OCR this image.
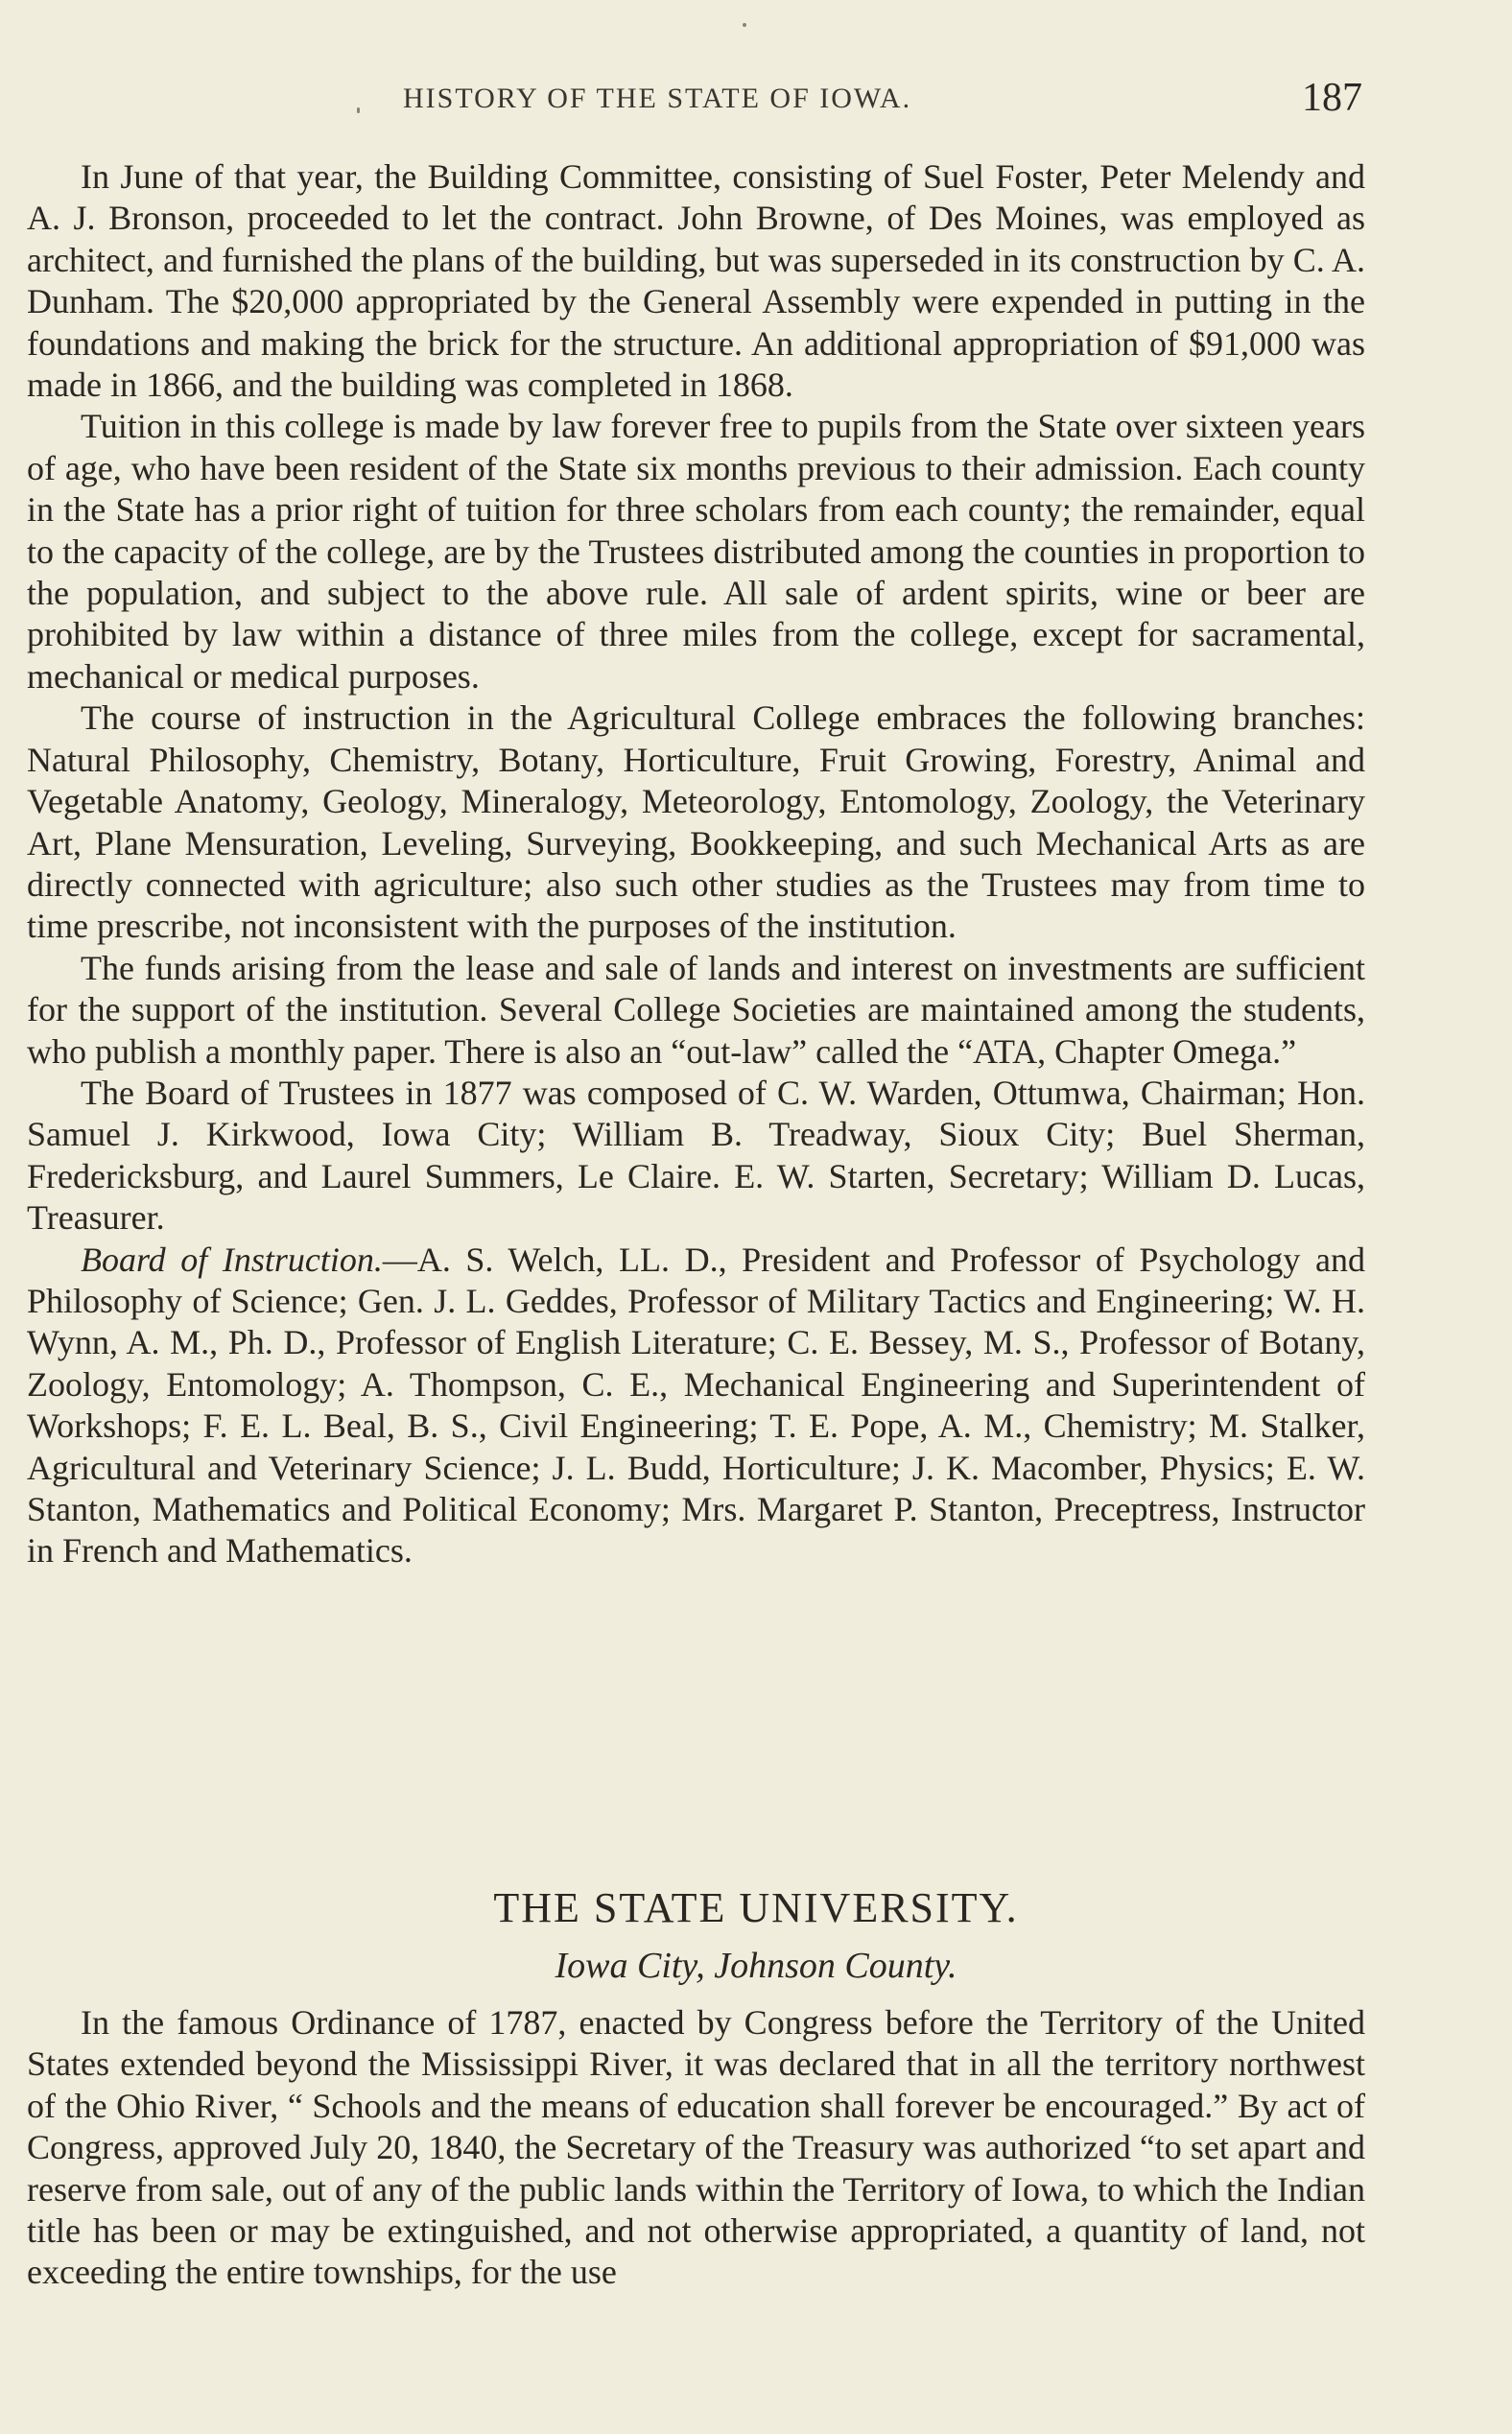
HISTORY OF THE STATE OF IOWA.	187

In June of that year, the Building Committee, consisting of Suel Foster, Peter Melendy and A. J. Bronson, proceeded to let the contract. John Browne, of Des Moines, was employed as architect, and furnished the plans of the building, but was superseded in its construction by C. A. Dunham. The $20,000 appropriated by the General Assembly were expended in putting in the foundations and making the brick for the structure. An additional appropriation of $91,000 was made in 1866, and the building was completed in 1868.

Tuition in this college is made by law forever free to pupils from the State over sixteen years of age, who have been resident of the State six months previous to their admission. Each county in the State has a prior right of tuition for three scholars from each county; the remainder, equal to the capacity of the college, are by the Trustees distributed among the counties in proportion to the population, and subject to the above rule. All sale of ardent spirits, wine or beer are prohibited by law within a distance of three miles from the college, except for sacramental, mechanical or medical purposes.

The course of instruction in the Agricultural College embraces the following branches: Natural Philosophy, Chemistry, Botany, Horticulture, Fruit Growing, Forestry, Animal and Vegetable Anatomy, Geology, Mineralogy, Meteorology, Entomology, Zoology, the Veterinary Art, Plane Mensuration, Leveling, Surveying, Bookkeeping, and such Mechanical Arts as are directly connected with agriculture; also such other studies as the Trustees may from time to time prescribe, not inconsistent with the purposes of the institution.

The funds arising from the lease and sale of lands and interest on investments are sufficient for the support of the institution. Several College Societies are maintained among the students, who publish a monthly paper. There is also an “out-law” called the “ATA, Chapter Omega.”

The Board of Trustees in 1877 was composed of C. W. Warden, Ottumwa, Chairman; Hon. Samuel J. Kirkwood, Iowa City; William B. Treadway, Sioux City; Buel Sherman, Fredericksburg, and Laurel Summers, Le Claire. E. W. Starten, Secretary; William D. Lucas, Treasurer.

Board of Instruction.—A. S. Welch, LL. D., President and Professor of Psychology and Philosophy of Science; Gen. J. L. Geddes, Professor of Military Tactics and Engineering; W. H. Wynn, A. M., Ph. D., Professor of English Literature; C. E. Bessey, M. S., Professor of Botany, Zoology, Entomology; A. Thompson, C. E., Mechanical Engineering and Superintendent of Workshops; F. E. L. Beal, B. S., Civil Engineering; T. E. Pope, A. M., Chemistry; M. Stalker, Agricultural and Veterinary Science; J. L. Budd, Horticulture; J. K. Macomber, Physics; E. W. Stanton, Mathematics and Political Economy; Mrs. Margaret P. Stanton, Preceptress, Instructor in French and Mathematics.

THE STATE UNIVERSITY.
Iowa City, Johnson County.

In the famous Ordinance of 1787, enacted by Congress before the Territory of the United States extended beyond the Mississippi River, it was declared that in all the territory northwest of the Ohio River, “ Schools and the means of education shall forever be encouraged.” By act of Congress, approved July 20, 1840, the Secretary of the Treasury was authorized “to set apart and reserve from sale, out of any of the public lands within the Territory of Iowa, to which the Indian title has been or may be extinguished, and not otherwise appropriated, a quantity of land, not exceeding the entire townships, for the use
